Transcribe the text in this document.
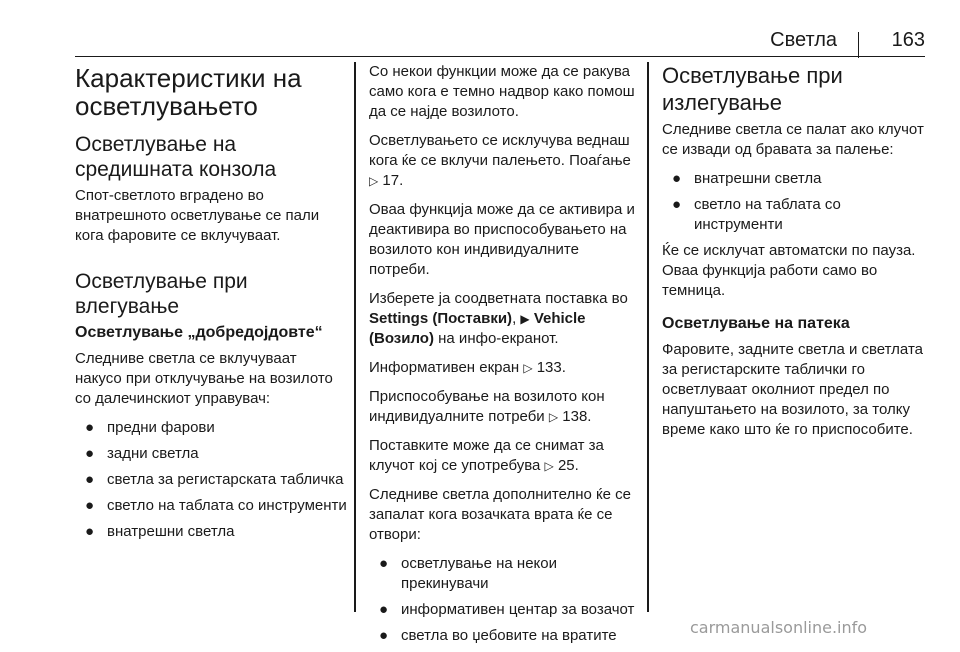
Светла	163
Карактеристики на осветлувањето
Осветлување на средишната конзола

Спот-светлото вградено во внатрешното осветлување се пали кога фаровите се вклучуваат.

Осветлување при влегување
Осветлување „добредојдовте“

Следниве светла се вклучуваат накусо при отклучување на возилото со далечинскиот управувач:

● предни фарови
● задни светла
● светла за регистарската табличка
● светло на таблата со инструменти
● внатрешни светла

Со некои функции може да се ракува само кога е темно надвор како помош да се најде возилото.

Осветлувањето се исклучува веднаш кога ќе се вклучи палењето. Поаѓање ▷ 17.

Оваа функција може да се активира и деактивира во приспособувањето на возилото кон индивидуалните потреби.

Изберете ја соодветната поставка во Settings (Поставки), ▶ Vehicle (Возило) на инфо-екранот.

Информативен екран ▷ 133.

Приспособување на возилото кон индивидуалните потреби ▷ 138.

Поставките може да се снимат за клучот кој се употребува ▷ 25.

Следниве светла дополнително ќе се запалат кога возачката врата ќе се отвори:

● осветлување на некои прекинувачи
● информативен центар за возачот
● светла во џебовите на вратите
Осветлување при излегување

Следниве светла се палат ако клучот се извади од бравата за палење:

● внатрешни светла
● светло на таблата со инструменти

Ќе се исклучат автоматски по пауза. Оваа функција работи само во темница.

Осветлување на патека

Фаровите, задните светла и светлата за регистарските таблички го осветлуваат околниот предел по напуштањето на возилото, за толку време како што ќе го приспособите.

carmanualsonline.info
